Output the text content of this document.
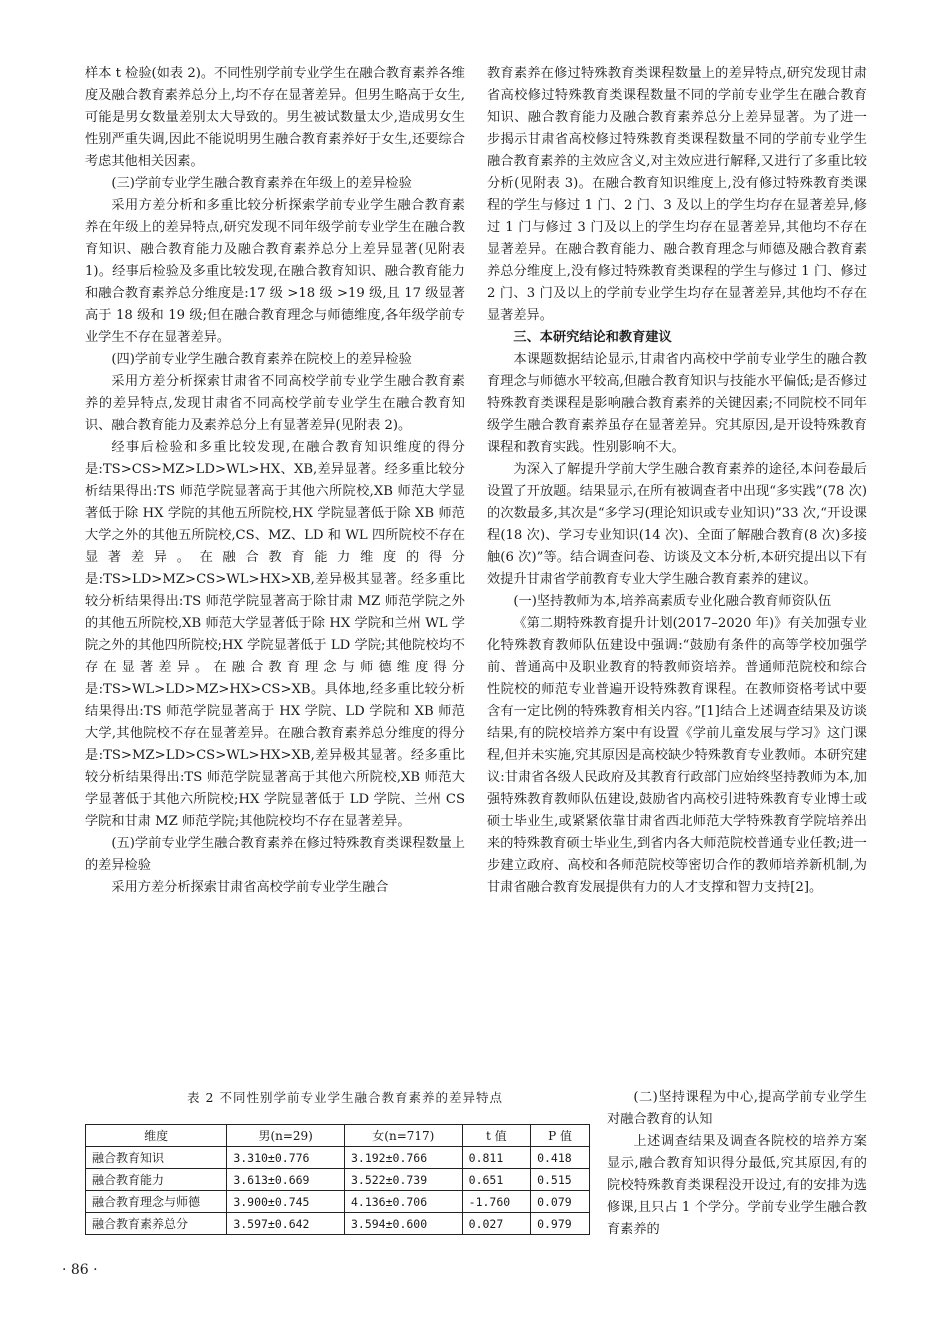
样本 t 检验(如表 2)。不同性别学前专业学生在融合教育素养各维度及融合教育素养总分上,均不存在显著差异。但男生略高于女生,可能是男女数量差别太大导致的。男生被试数量太少,造成男女生性别严重失调,因此不能说明男生融合教育素养好于女生,还要综合考虑其他相关因素。

(三)学前专业学生融合教育素养在年级上的差异检验

采用方差分析和多重比较分析探索学前专业学生融合教育素养在年级上的差异特点,研究发现不同年级学前专业学生在融合教育知识、融合教育能力及融合教育素养总分上差异显著(见附表 1)。经事后检验及多重比较发现,在融合教育知识、融合教育能力和融合教育素养总分维度是:17 级 >18 级 >19 级,且 17 级显著高于 18 级和 19 级;但在融合教育理念与师德维度,各年级学前专业学生不存在显著差异。

(四)学前专业学生融合教育素养在院校上的差异检验

采用方差分析探索甘肃省不同高校学前专业学生融合教育素养的差异特点,发现甘肃省不同高校学前专业学生在融合教育知识、融合教育能力及素养总分上有显著差异(见附表 2)。

经事后检验和多重比较发现,在融合教育知识维度的得分是:TS>CS>MZ>LD>WL>HX、XB,差异显著。经多重比较分析结果得出:TS 师范学院显著高于其他六所院校,XB 师范大学显著低于除 HX 学院的其他五所院校,HX 学院显著低于除 XB 师范大学之外的其他五所院校,CS、MZ、LD 和 WL 四所院校不存在显著差异。在融合教育能力维度的得分是:TS>LD>MZ>CS>WL>HX>XB,差异极其显著。经多重比较分析结果得出:TS 师范学院显著高于除甘肃 MZ 师范学院之外的其他五所院校,XB 师范大学显著低于除 HX 学院和兰州 WL 学院之外的其他四所院校;HX 学院显著低于 LD 学院;其他院校均不存在显著差异。在融合教育理念与师德维度得分是:TS>WL>LD>MZ>HX>CS>XB。具体地,经多重比较分析结果得出:TS 师范学院显著高于 HX 学院、LD 学院和 XB 师范大学,其他院校不存在显著差异。在融合教育素养总分维度的得分是:TS>MZ>LD>CS>WL>HX>XB,差异极其显著。经多重比较分析结果得出:TS 师范学院显著高于其他六所院校,XB 师范大学显著低于其他六所院校;HX 学院显著低于 LD 学院、兰州 CS 学院和甘肃 MZ 师范学院;其他院校均不存在显著差异。

(五)学前专业学生融合教育素养在修过特殊教育类课程数量上的差异检验

采用方差分析探索甘肃省高校学前专业学生融合

教育素养在修过特殊教育类课程数量上的差异特点,研究发现甘肃省高校修过特殊教育类课程数量不同的学前专业学生在融合教育知识、融合教育能力及融合教育素养总分上差异显著。为了进一步揭示甘肃省高校修过特殊教育类课程数量不同的学前专业学生融合教育素养的主效应含义,对主效应进行解释,又进行了多重比较分析(见附表 3)。在融合教育知识维度上,没有修过特殊教育类课程的学生与修过 1 门、2 门、3 及以上的学生均存在显著差异,修过 1 门与修过 3 门及以上的学生均存在显著差异,其他均不存在显著差异。在融合教育能力、融合教育理念与师德及融合教育素养总分维度上,没有修过特殊教育类课程的学生与修过 1 门、修过 2 门、3 门及以上的学前专业学生均存在显著差异,其他均不存在显著差异。

三、本研究结论和教育建议

本课题数据结论显示,甘肃省内高校中学前专业学生的融合教育理念与师德水平较高,但融合教育知识与技能水平偏低;是否修过特殊教育类课程是影响融合教育素养的关键因素;不同院校不同年级学生融合教育素养虽存在显著差异。究其原因,是开设特殊教育课程和教育实践。性别影响不大。

为深入了解提升学前大学生融合教育素养的途径,本问卷最后设置了开放题。结果显示,在所有被调查者中出现“多实践”(78 次)的次数最多,其次是“多学习(理论知识或专业知识)”33 次,“开设课程(18 次)、学习专业知识(14 次)、全面了解融合教育(8 次)多接触(6 次)”等。结合调查问卷、访谈及文本分析,本研究提出以下有效提升甘肃省学前教育专业大学生融合教育素养的建议。

(一)坚持教师为本,培养高素质专业化融合教育师资队伍

《第二期特殊教育提升计划(2017–2020 年)》有关加强专业化特殊教育教师队伍建设中强调:“鼓励有条件的高等学校加强学前、普通高中及职业教育的特教师资培养。普通师范院校和综合性院校的师范专业普遍开设特殊教育课程。在教师资格考试中要含有一定比例的特殊教育相关内容。”[1]结合上述调查结果及访谈结果,有的院校培养方案中有设置《学前儿童发展与学习》这门课程,但并未实施,究其原因是高校缺少特殊教育专业教师。本研究建议:甘肃省各级人民政府及其教育行政部门应始终坚持教师为本,加强特殊教育教师队伍建设,鼓励省内高校引进特殊教育专业博士或硕士毕业生,或紧紧依靠甘肃省西北师范大学特殊教育学院培养出来的特殊教育硕士毕业生,到省内各大师范院校普通专业任教;进一步建立政府、高校和各师范院校等密切合作的教师培养新机制,为甘肃省融合教育发展提供有力的人才支撑和智力支持[2]。

(二)坚持课程为中心,提高学前专业学生对融合教育的认知

上述调查结果及调查各院校的培养方案显示,融合教育知识得分最低,究其原因,有的院校特殊教育类课程没开设过,有的安排为选修课,且只占 1 个学分。学前专业学生融合教育素养的

表 2 不同性别学前专业学生融合教育素养的差异特点
维度	男(n=29)	女(n=717)	t 值	P 值
融合教育知识	3.310±0.776	3.192±0.766	0.811	0.418
融合教育能力	3.613±0.669	3.522±0.739	0.651	0.515
融合教育理念与师德	3.900±0.745	4.136±0.706	-1.760	0.079
融合教育素养总分	3.597±0.642	3.594±0.600	0.027	0.979
· 86 ·
